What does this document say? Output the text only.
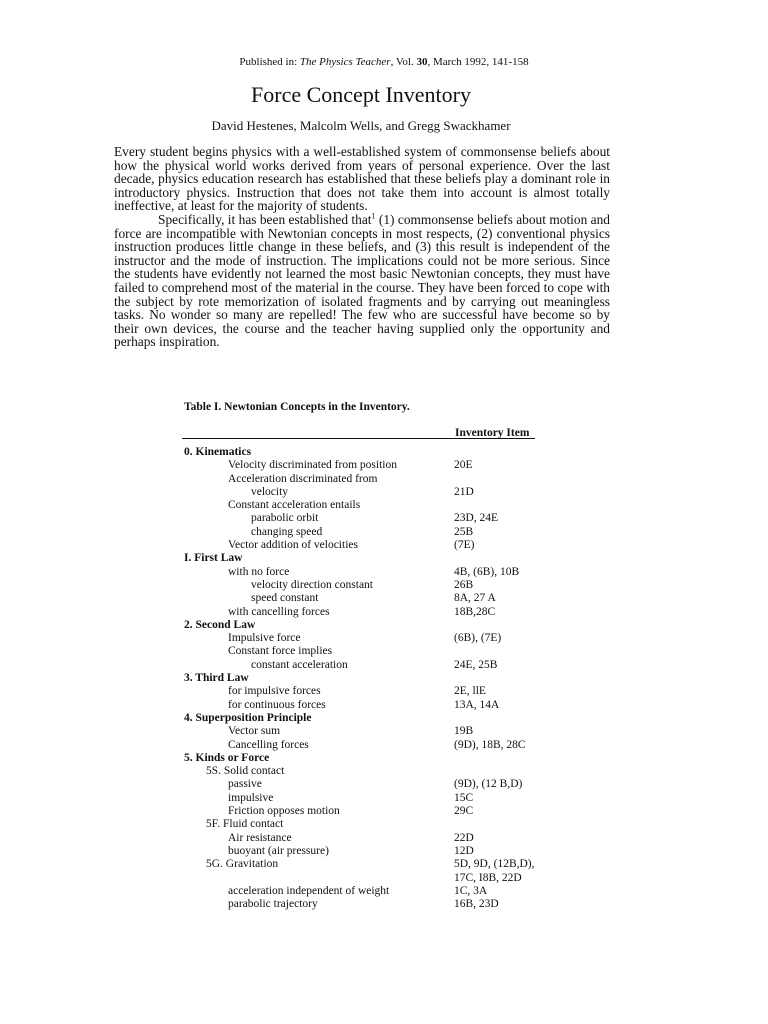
Published in: The Physics Teacher, Vol. 30, March 1992, 141-158
Force Concept Inventory
David Hestenes, Malcolm Wells, and Gregg Swackhamer

Every student begins physics with a well-established system of commonsense beliefs about how the physical world works derived from years of personal experience. Over the last decade, physics education research has established that these beliefs play a dominant role in introductory physics. Instruction that does not take them into account is almost totally ineffective, at least for the majority of students.

Specifically, it has been established that$^1$ (1) commonsense beliefs about motion and force are incompatible with Newtonian concepts in most respects, (2) conventional physics instruction produces little change in these beliefs, and (3) this result is independent of the instructor and the mode of instruction. The implications could not be more serious. Since the students have evidently not learned the most basic Newtonian concepts, they must have failed to comprehend most of the material in the course. They have been forced to cope with the subject by rote memorization of isolated fragments and by carrying out meaningless tasks. No wonder so many are repelled! The few who are successful have become so by their own devices, the course and the teacher having supplied only the opportunity and perhaps inspiration.

Table I. Newtonian Concepts in the Inventory.
Inventory Item
0. Kinematics
Velocity discriminated from position	20E
Acceleration discriminated from
velocity	21D
Constant acceleration entails
parabolic orbit	23D, 24E
changing speed	25B
Vector addition of velocities	(7E)
I. First Law
with no force	4B, (6B), 10B
velocity direction constant	26B
speed constant	8A, 27 A
with cancelling forces	18B,28C
2. Second Law
Impulsive force	(6B), (7E)
Constant force implies
constant acceleration	24E, 25B
3. Third Law
for impulsive forces	2E, llE
for continuous forces	13A, 14A
4. Superposition Principle
Vector sum	19B
Cancelling forces	(9D), 18B, 28C
5. Kinds or Force
5S. Solid contact
passive	(9D), (12 B,D)
impulsive	15C
Friction opposes motion	29C
5F. Fluid contact
Air resistance	22D
buoyant (air pressure)	12D
5G. Gravitation	5D, 9D, (12B,D),
17C, I8B, 22D
acceleration independent of weight	1C, 3A
parabolic trajectory	16B, 23D
